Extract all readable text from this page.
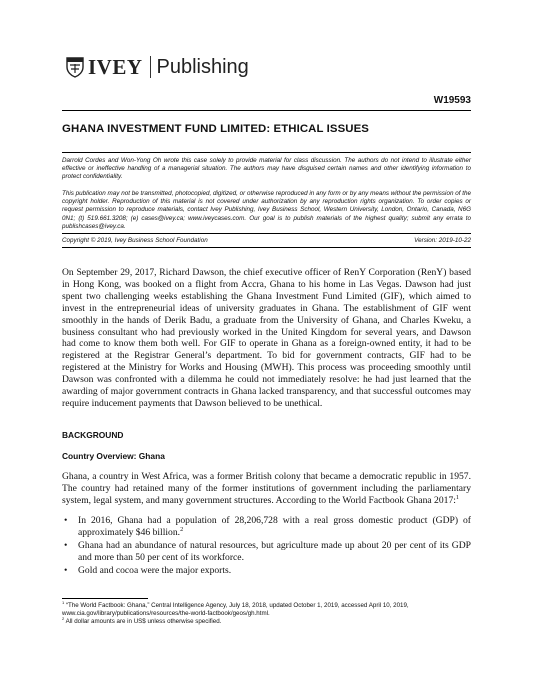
IVEY Publishing
W19593
GHANA INVESTMENT FUND LIMITED: ETHICAL ISSUES

Darrold Cordes and Won-Yong Oh wrote this case solely to provide material for class discussion. The authors do not intend to illustrate either effective or ineffective handling of a managerial situation. The authors may have disguised certain names and other identifying information to protect confidentiality.

This publication may not be transmitted, photocopied, digitized, or otherwise reproduced in any form or by any means without the permission of the copyright holder. Reproduction of this material is not covered under authorization by any reproduction rights organization. To order copies or request permission to reproduce materials, contact Ivey Publishing, Ivey Business School, Western University, London, Ontario, Canada, N6G 0N1; (t) 519.661.3208; (e) cases@ivey.ca; www.iveycases.com. Our goal is to publish materials of the highest quality; submit any errata to publishcases@ivey.ca.

Copyright © 2019, Ivey Business School Foundation	Version: 2019-10-22

On September 29, 2017, Richard Dawson, the chief executive officer of RenY Corporation (RenY) based in Hong Kong, was booked on a flight from Accra, Ghana to his home in Las Vegas. Dawson had just spent two challenging weeks establishing the Ghana Investment Fund Limited (GIF), which aimed to invest in the entrepreneurial ideas of university graduates in Ghana. The establishment of GIF went smoothly in the hands of Derik Badu, a graduate from the University of Ghana, and Charles Kweku, a business consultant who had previously worked in the United Kingdom for several years, and Dawson had come to know them both well. For GIF to operate in Ghana as a foreign-owned entity, it had to be registered at the Registrar General’s department. To bid for government contracts, GIF had to be registered at the Ministry for Works and Housing (MWH). This process was proceeding smoothly until Dawson was confronted with a dilemma he could not immediately resolve: he had just learned that the awarding of major government contracts in Ghana lacked transparency, and that successful outcomes may require inducement payments that Dawson believed to be unethical.

BACKGROUND
Country Overview: Ghana

Ghana, a country in West Africa, was a former British colony that became a democratic republic in 1957. The country had retained many of the former institutions of government including the parliamentary system, legal system, and many government structures. According to the World Factbook Ghana 2017:$^1$

• In 2016, Ghana had a population of 28,206,728 with a real gross domestic product (GDP) of approximately $46 billion.$^2$
• Ghana had an abundance of natural resources, but agriculture made up about 20 per cent of its GDP and more than 50 per cent of its workforce.
• Gold and cocoa were the major exports.

$^1$ “The World Factbook: Ghana,” Central Intelligence Agency, July 18, 2018, updated October 1, 2019, accessed April 10, 2019, www.cia.gov/library/publications/resources/the-world-factbook/geos/gh.html.

$^2$ All dollar amounts are in US$ unless otherwise specified.
